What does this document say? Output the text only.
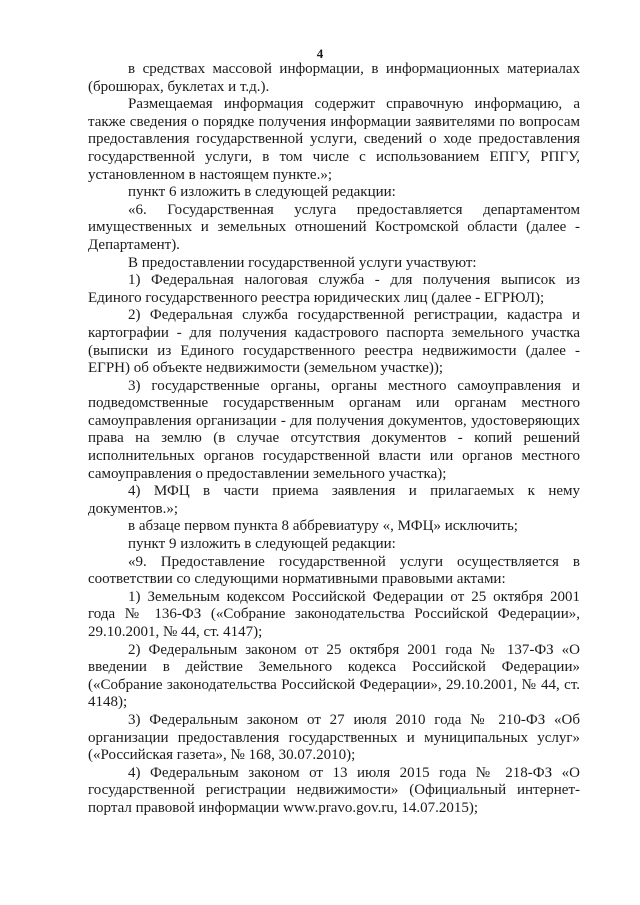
4

в средствах массовой информации, в информационных материалах (брошюрах, буклетах и т.д.).

Размещаемая информация содержит справочную информацию, а также сведения о порядке получения информации заявителями по вопросам предоставления государственной услуги, сведений о ходе предоставления государственной услуги, в том числе с использованием ЕПГУ, РПГУ, установленном в настоящем пункте.»;

пункт 6 изложить в следующей редакции:

«6. Государственная услуга предоставляется департаментом имущественных и земельных отношений Костромской области (далее - Департамент).

В предоставлении государственной услуги участвуют:

1) Федеральная налоговая служба - для получения выписок из Единого государственного реестра юридических лиц (далее - ЕГРЮЛ);

2) Федеральная служба государственной регистрации, кадастра и картографии - для получения кадастрового паспорта земельного участка (выписки из Единого государственного реестра недвижимости (далее - ЕГРН) об объекте недвижимости (земельном участке));

3) государственные органы, органы местного самоуправления и подведомственные государственным органам или органам местного самоуправления организации - для получения документов, удостоверяющих права на землю (в случае отсутствия документов - копий решений исполнительных органов государственной власти или органов местного самоуправления о предоставлении земельного участка);

4) МФЦ в части приема заявления и прилагаемых к нему документов.»;

в абзаце первом пункта 8 аббревиатуру «, МФЦ» исключить;

пункт 9 изложить в следующей редакции:

«9. Предоставление государственной услуги осуществляется в соответствии со следующими нормативными правовыми актами:

1) Земельным кодексом Российской Федерации от 25 октября 2001 года № 136-ФЗ («Собрание законодательства Российской Федерации», 29.10.2001, № 44, ст. 4147);

2) Федеральным законом от 25 октября 2001 года № 137-ФЗ «О введении в действие Земельного кодекса Российской Федерации» («Собрание законодательства Российской Федерации», 29.10.2001, № 44, ст. 4148);

3) Федеральным законом от 27 июля 2010 года № 210-ФЗ «Об организации предоставления государственных и муниципальных услуг» («Российская газета», № 168, 30.07.2010);

4) Федеральным законом от 13 июля 2015 года № 218-ФЗ «О государственной регистрации недвижимости» (Официальный интернет-портал правовой информации www.pravo.gov.ru, 14.07.2015);
